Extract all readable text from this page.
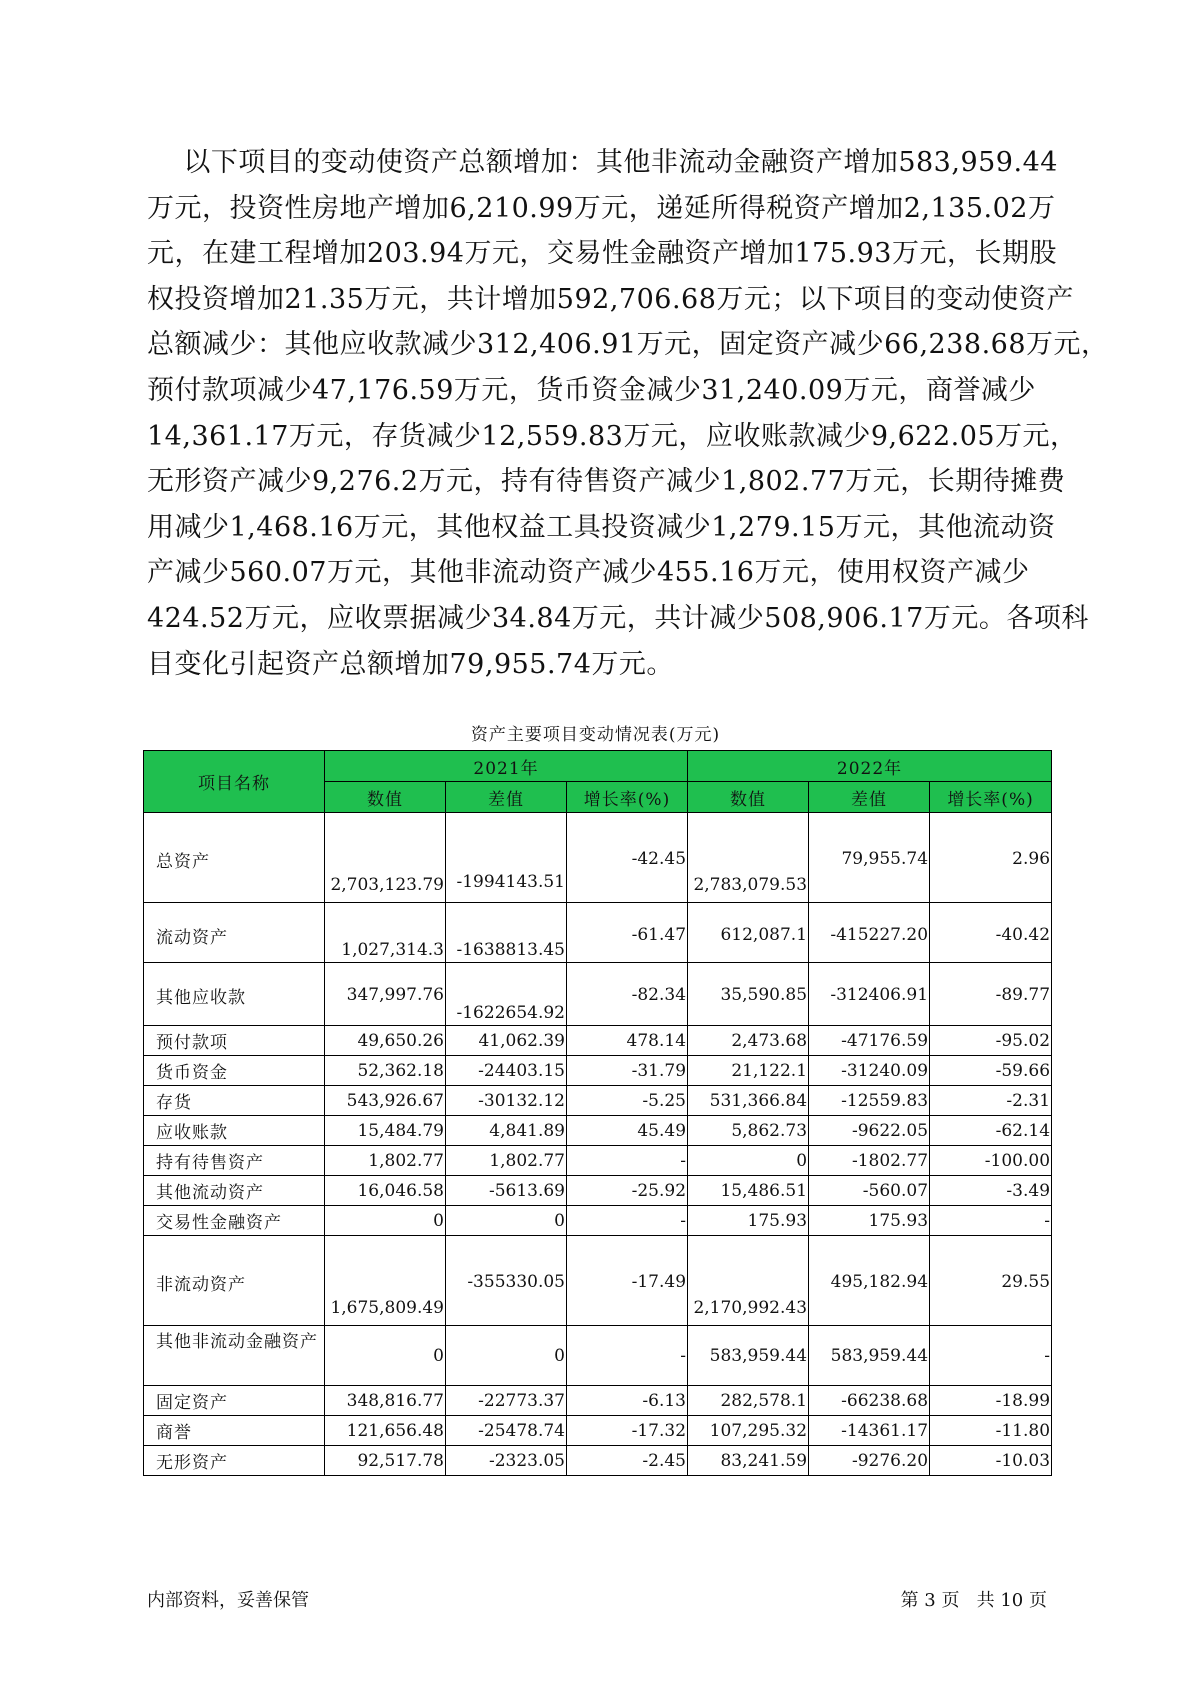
以下项目的变动使资产总额增加：其他非流动金融资产增加583,959.44
万元，投资性房地产增加6,210.99万元，递延所得税资产增加2,135.02万
元，在建工程增加203.94万元，交易性金融资产增加175.93万元，长期股
权投资增加21.35万元，共计增加592,706.68万元；以下项目的变动使资产
总额减少：其他应收款减少312,406.91万元，固定资产减少66,238.68万元，
预付款项减少47,176.59万元，货币资金减少31,240.09万元，商誉减少
14,361.17万元，存货减少12,559.83万元，应收账款减少9,622.05万元，
无形资产减少9,276.2万元，持有待售资产减少1,802.77万元，长期待摊费
用减少1,468.16万元，其他权益工具投资减少1,279.15万元，其他流动资
产减少560.07万元，其他非流动资产减少455.16万元，使用权资产减少
424.52万元，应收票据减少34.84万元，共计减少508,906.17万元。各项科
目变化引起资产总额增加79,955.74万元。
资产主要项目变动情况表(万元)
项目名称	2021年			2022年		
	数值	差值	增长率(%)	数值	差值	增长率(%)
总资产	2,703,123.79	-1994143.51	-42.45	2,783,079.53	79,955.74	2.96
流动资产	1,027,314.3	-1638813.45	-61.47	612,087.1	-415227.20	-40.42
其他应收款	347,997.76	-1622654.92	-82.34	35,590.85	-312406.91	-89.77
预付款项	49,650.26	41,062.39	478.14	2,473.68	-47176.59	-95.02
货币资金	52,362.18	-24403.15	-31.79	21,122.1	-31240.09	-59.66
存货	543,926.67	-30132.12	-5.25	531,366.84	-12559.83	-2.31
应收账款	15,484.79	4,841.89	45.49	5,862.73	-9622.05	-62.14
持有待售资产	1,802.77	1,802.77	-	0	-1802.77	-100.00
其他流动资产	16,046.58	-5613.69	-25.92	15,486.51	-560.07	-3.49
交易性金融资产	0	0	-	175.93	175.93	-
非流动资产	1,675,809.49	-355330.05	-17.49	2,170,992.43	495,182.94	29.55
其他非流动金融资产	0	0	-	583,959.44	583,959.44	-
固定资产	348,816.77	-22773.37	-6.13	282,578.1	-66238.68	-18.99
商誉	121,656.48	-25478.74	-17.32	107,295.32	-14361.17	-11.80
无形资产	92,517.78	-2323.05	-2.45	83,241.59	-9276.20	-10.03
内部资料，妥善保管	第 3 页   共 10 页
